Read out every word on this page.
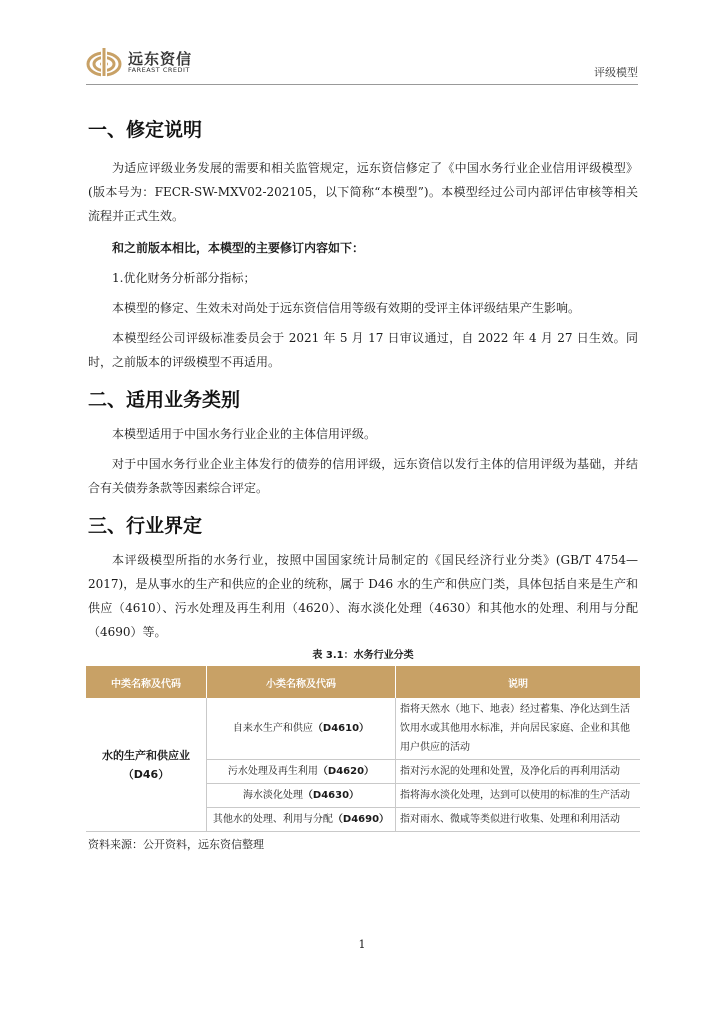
远东资信
FAREAST CREDIT	评级模型
一、修定说明

为适应评级业务发展的需要和相关监管规定，远东资信修定了《中国水务行业企业信用评级模型》(版本号为：FECR-SW-MXV02-202105，以下简称“本模型”)。本模型经过公司内部评估审核等相关流程并正式生效。

和之前版本相比，本模型的主要修订内容如下：

1.优化财务分析部分指标；

本模型的修定、生效未对尚处于远东资信信用等级有效期的受评主体评级结果产生影响。

本模型经公司评级标准委员会于 2021 年 5 月 17 日审议通过，自 2022 年 4 月 27 日生效。同时，之前版本的评级模型不再适用。

二、适用业务类别

本模型适用于中国水务行业企业的主体信用评级。

对于中国水务行业企业主体发行的债券的信用评级，远东资信以发行主体的信用评级为基础，并结合有关债券条款等因素综合评定。

三、行业界定

本评级模型所指的水务行业，按照中国国家统计局制定的《国民经济行业分类》(GB/T 4754—2017)，是从事水的生产和供应的企业的统称，属于 D46 水的生产和供应门类，具体包括自来是生产和供应（4610）、污水处理及再生利用（4620）、海水淡化处理（4630）和其他水的处理、利用与分配（4690）等。

表 3.1：水务行业分类
中类名称及代码	小类名称及代码	说明
水的生产和供应业
（D46）	自来水生产和供应（D4610）	指将天然水（地下、地表）经过蓄集、净化达到生活饮用水或其他用水标准，并向居民家庭、企业和其他用户供应的活动
	污水处理及再生利用（D4620）	指对污水泥的处理和处置，及净化后的再利用活动
	海水淡化处理（D4630）	指将海水淡化处理，达到可以使用的标准的生产活动
	其他水的处理、利用与分配（D4690）	指对雨水、微咸等类似进行收集、处理和利用活动

资料来源：公开资料，远东资信整理

1
